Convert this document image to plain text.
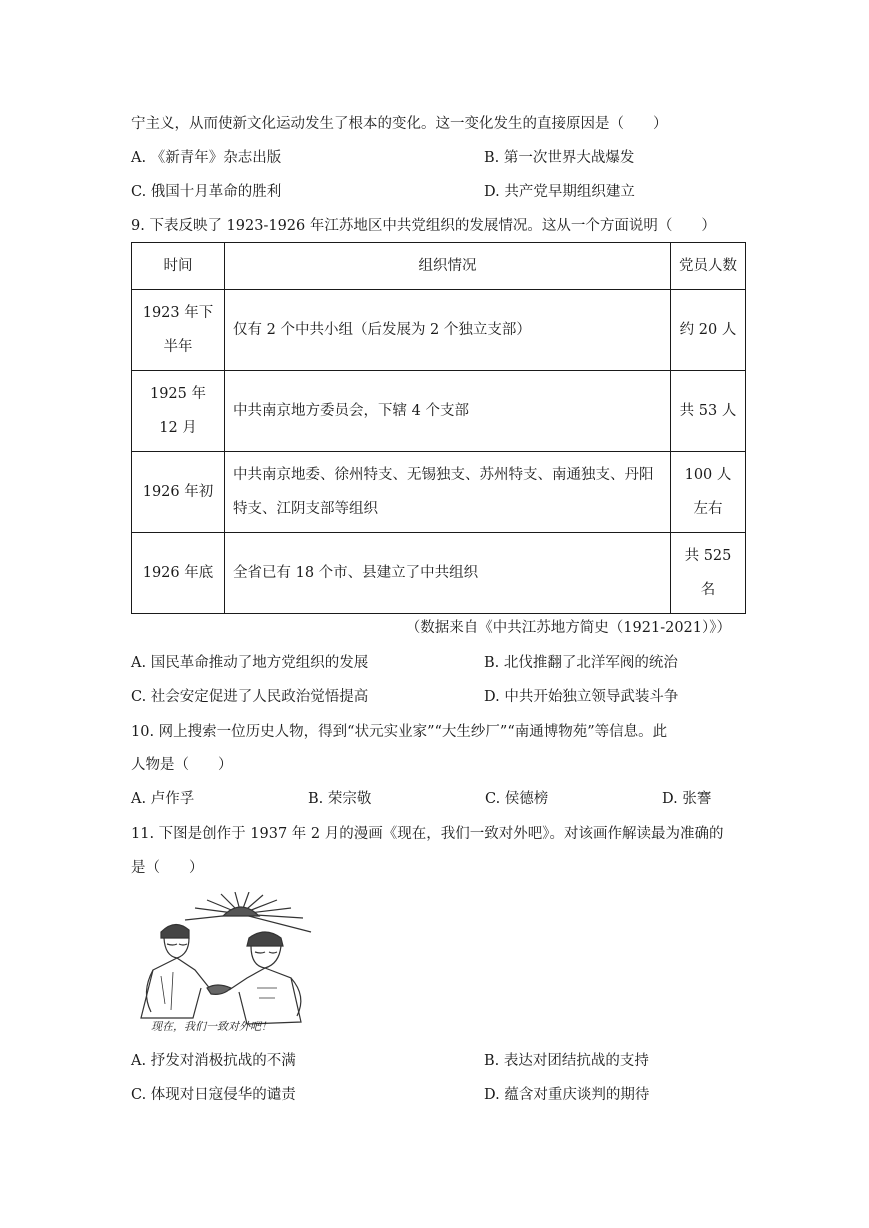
宁主义，从而使新文化运动发生了根本的变化。这一变化发生的直接原因是（　　）
A. 《新青年》杂志出版	B. 第一次世界大战爆发
C. 俄国十月革命的胜利	D. 共产党早期组织建立
9. 下表反映了 1923-1926 年江苏地区中共党组织的发展情况。这从一个方面说明（　　）
时间	组织情况	党员人数
1923 年下半年	仅有 2 个中共小组（后发展为 2 个独立支部）	约 20 人
1925 年 12 月	中共南京地方委员会，下辖 4 个支部	共 53 人
1926 年初	中共南京地委、徐州特支、无锡独支、苏州特支、南通独支、丹阳特支、江阴支部等组织	100 人左右
1926 年底	全省已有 18 个市、县建立了中共组织	共 525 名
（数据来自《中共江苏地方简史（1921-2021）》）
A. 国民革命推动了地方党组织的发展	B. 北伐推翻了北洋军阀的统治
C. 社会安定促进了人民政治觉悟提高	D. 中共开始独立领导武装斗争
10. 网上搜索一位历史人物，得到“状元实业家”“大生纱厂”“南通博物苑”等信息。此
人物是（　　）
A. 卢作孚	B. 荣宗敬	C. 侯德榜	D. 张謇
11. 下图是创作于 1937 年 2 月的漫画《现在，我们一致对外吧》。对该画作解读最为准确的
是（　　）
现在，我们一致对外吧！
A. 抒发对消极抗战的不满	B. 表达对团结抗战的支持
C. 体现对日寇侵华的谴责	D. 蕴含对重庆谈判的期待
